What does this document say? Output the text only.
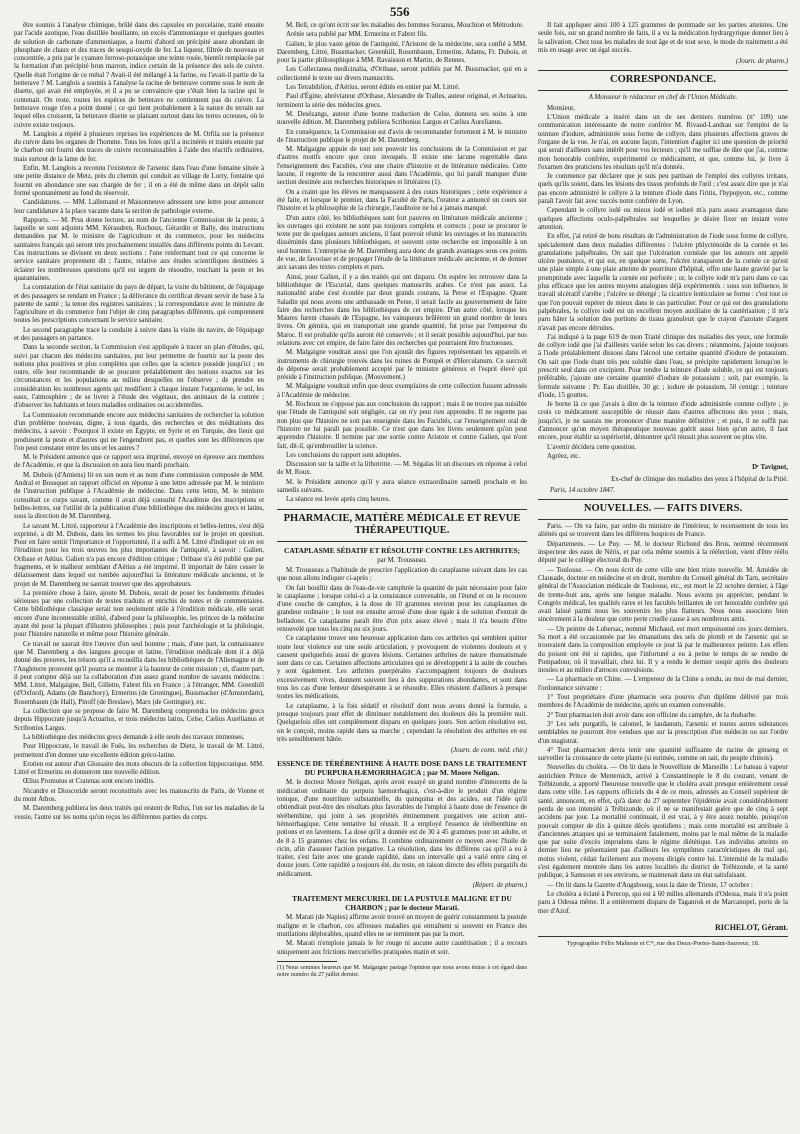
556

être soumis à l'analyse chimique, brûlé dans des capsules en porcelaine, traité ensuite par l'acide azotique, l'eau distillée bouillante, un excès d'ammoniaque et quelques gouttes de solution de carbonate d'ammoniaque, a fourni d'abord un précipité assez abondant de phosphate de chaux et des traces de sesqui-oxyde de fer. La liqueur, filtrée de nouveau et concentrée, a pris par le cyanure ferroso-potassique une teinte rosée, bientôt remplacée par la formation d'un précipité brun marron, indice certain de la présence des sels de cuivre. Quelle était l'origine de ce métal ? Avait-il été mélangé à la farine, ou l'avait-il partie de la betterave ? M. Langlois a soumis à l'analyse la racine de betterave comme sous le nom de disette, qui avait été employée, et il a pu se convaincre que c'était bien la racine qui le contenait. On reste, toutes les espèces de betterave ne contiennent pas du cuivre. La betterave rouge n'en a point donné ; ce qui tient probablement à la nature du terrain sur lequel elles croissent, la betterave disette se plaisant surtout dans les terres ocreuses, où le cuivre existe toujours.

M. Langlois a répété à plusieurs reprises les expériences de M. Orfila sur la présence du cuivre dans les organes de l'homme. Tous les foies qu'il a incinérés et traités ensuite par le charbon ont fourni des traces de cuivre reconnaissables à l'aide des réactifs ordinaires, mais surtout de la lame de fer.

Enfin, M. Langlois a reconnu l'existence de l'arsenic dans l'eau d'une fontaine située à une petite distance de Metz, près du chemin qui conduit au village de Lorry, fontaine qui fournit en abondance une eau chargée de fer ; il en a été de même dans un dépôt salin formé spontanément au fond du réservoir.

Candidatures. — MM. Lallemand et Maisonneuve adressent une lettre pour annoncer leur candidature à la place vacante dans la section de pathologie externe.

Rapports. — M. Prus donne lecture, au nom de l'ancienne Commission de la peste, à laquelle se sont adjoints MM. Kéraudren, Rochoux, Gérardin et Bally, des instructions demandées par M. le ministre de l'agriculture et du commerce, pour les médecins sanitaires français qui seront très prochainement installés dans différents points du Levant. Ces instructions se divisent en deux sections : l'une renfermant tout ce qui concerne le service sanitaire proprement dit ; l'autre, relative aux études scientifiques destinées à éclairer les nombreuses questions qu'il est urgent de résoudre, touchant la peste et les quarantaines.

La constatation de l'état sanitaire du pays de départ, la visite du bâtiment, de l'équipage et des passagers se rendant en France ; la délivrance du certificat devant servir de base à la patente de santé ; la tenue des registres sanitaires ; la correspondance avec le ministre de l'agriculture et du commerce font l'objet de cinq paragraphes différents, qui comprennent toutes les prescriptions concernant le service sanitaire.

Le second paragraphe trace la conduite à suivre dans la visite du navire, de l'équipage et des passagers en partance.

Dans la seconde section, la Commission s'est appliquée à tracer un plan d'études, qui, suivi par chacun des médecins sanitaires, put leur permettre de fournir sur la peste des notions plus positives et plus complètes que celles que la science possède jusqu'ici ; en outre, elle leur recommande de se procurer préalablement des notions exactes sur les circonstances et les populations au milieu desquelles on l'observe ; de prendre en considération les nombreux agents qui modifient à chaque instant l'organisme, le sol, les eaux, l'atmosphère ; de se livrer à l'étude des végétaux, des animaux de la contrée ; d'observer les habitants et leurs maladies ordinaires ou accidentelles.

La Commission recommande encore aux médecins sanitaires de rechercher la solution d'un problème nouveau, digne, à tous égards, des recherches et des méditations des médecins, à savoir : Pourquoi il existe en Égypte, en Syrie et en Turquie, des lieux qui produisent la peste et d'autres qui ne l'engendrent pas, et quelles sont les différences que l'on peut constater entre les uns et les autres ?

M. le Président annonce que ce rapport sera imprimé, envoyé en épreuve aux membres de l'Académie, et que la discussion en aura lieu mardi prochain.

M. Dubois (d'Amiens) lit en son nom et au nom d'une commission composée de MM. Andral et Bousquet un rapport officiel en réponse à une lettre adressée par M. le ministre de l'instruction publique à l'Académie de médecine. Dans cette lettre, M. le ministre consultait ce corps savant, comme il avait déjà consulté l'Académie des inscriptions et belles-lettres, sur l'utilité de la publication d'une bibliothèque des médecins grecs et latins, sous la direction de M. Daremberg.

Le savant M. Littré, rapporteur à l'Académie des inscriptions et belles-lettres, s'est déjà exprimé, a dit M. Dubois, dans les termes les plus favorables sur le projet en question. Pour en faire sentir l'importance et l'opportunité, il a suffi à M. Littré d'indiquer où en est l'érudition pour les trois œuvres les plus importantes de l'antiquité, à savoir : Galien, Oribase et Aétius. Galien n'a pas encore d'édition critique ; Oribase n'a été publié que par fragments, et le malheur semblant d'Aétius a été imprimé. Il importait de faire cesser le délaissement dans lequel est tombée aujourd'hui la littérature médicale ancienne, et le projet de M. Daremberg ne saurait trouver que des approbateurs.

La première chose à faire, ajoute M. Dubois, serait de poser les fondements d'études sérieuses par une collection de textes traduits et enrichis de notes et de commentaires. Cette bibliothèque classique serait non seulement utile à l'érudition médicale, elle serait encore d'une incontestable utilité, d'abord pour la philosophie, les princes de la médecine ayant été pour la plupart d'illustres philosophes ; puis pour l'archéologie et la philologie, pour l'histoire naturelle et même pour l'histoire générale.

Ce travail ne saurait être l'œuvre d'un seul homme ; mais, d'une part, la connaissance que M. Daremberg a des langues grecque et latine, l'érudition médicale dont il a déjà donné des preuves, les trésors qu'il a recueillis dans les bibliothèques de l'Allemagne et de l'Angleterre prouvent qu'il pourra se montrer à la hauteur de cette mission ; et, d'autre part, il peut compter déjà sur la collaboration d'un assez grand nombre de savants médecins : MM. Littré, Malgaigne, Bell, Gillette, Fabret fils en France ; à l'étranger, MM. Greenhill (d'Oxford), Adams (de Banchory), Ermerins (de Groningue), Bussmacker (d'Amsterdam), Rosembaum (de Hall), Pinoff (de Breslaw), Marx (de Gottingue), etc.

La collection que se propose de faire M. Daremberg comprendra les médecins grecs depuis Hippocrate jusqu'à Actuarius, et trois médecins latins, Celse, Cælius Aurélianus et Scribonius Largus.

La bibliothèque des médecins grecs demande à elle seule des travaux immenses.

Pour Hippocrate, le travail de Foës, les recherches de Dietz, le travail de M. Littré, permettent d'en donner une excellente édition gréco-latine.

Erotien est auteur d'un Glossaire des mots obscurs de la collection hippocratique. MM. Littré et Ermerins en donneront une nouvelle édition.

Œlius Promotus et Cratenas sont encore inédits.

Nicandre et Dioscoride seront reconstitués avec les manuscrits de Paris, de Vienne et du mont Athos.

M. Daremberg publiera les deux traités qui restent de Rufus, l'un sur les maladies de la vessie, l'autre sur les noms qu'on reçus les différentes parties du corps.

M. Bell, ce qu'ont écrit sur les maladies des femmes Soranus, Moschion et Métrodore.

Arétée sera publié par MM. Ermerins et Fabret fils.

Galien, le plus vaste génie de l'antiquité, l'Aristote de la médecine, sera confié à MM. Daremberg, Littré, Bussmacker, Greenhill, Rosembaum, Ermerins, Adams, Fr. Dubois, et pour la partie philosophique à MM. Ravaisson et Martin, de Rennes.

Les Collectanea medicinalia, d'Oribase, seront publiés par M. Bussmacker, qui en a collectionné le texte sur divers manuscrits.

Les Tetrabiblion, d'Aétius, seront édités en entier par M. Littré.

Paul d'Égine, abréviateur d'Oribase, Alexandre de Tralles, auteur original, et Actuarius, terminent la série des médecins grecs.

M. Desézangs, auteur d'une bonne traduction de Celse, donnera ses soins à une nouvelle édition. M. Daremberg publiera Scribonius Largus et Cælius Aurelianus.

En conséquence, la Commission est d'avis de recommander fortement à M. le ministre de l'instruction publique le projet de M. Daremberg.

M. Malgaigne appuie de tout son pouvoir les conclusions de la Commission et par d'autres motifs encore que ceux invoqués. Il existe une lacune regrettable dans l'enseignement des Facultés, c'est une chaire d'histoire et de littérature médicales. Cette lacune, il regrette de la rencontrer aussi dans l'Académie, qui lui paraît manquer d'une section destinée aux recherches historiques et littéraires (1).

On a craint que les élèves ne manquassent à des cours historiques ; cette expérience a été faite, et lorsque le premier, dans la Faculté de Paris, l'orateur a annoncé un cours sur l'histoire et la philosophie de la chirurgie, l'auditoire ne lui a jamais manqué.

D'un autre côté, les bibliothèques sont fort pauvres en littérature médicale ancienne ; les ouvrages qui existent ne sont pas toujours complets et corrects ; pour se procurer le texte pur de quelques auteurs anciens, il faut pouvoir réunir les ouvrages et les manuscrits disséminés dans plusieurs bibliothèques, et souvent cette recherche est impossible à un seul homme. L'entreprise de M. Daremberg aura donc de grands avantages sous ces points de vue, de favoriser et de propager l'étude de la littérature médicale ancienne, et de donner aux savans des textes complets et purs.

Ainsi, pour Galien, il y a des traités qui ont disparu. On espère les retrouver dans la bibliothèque de l'Escurial, dans quelques manuscrits arabes. Ce n'est pas assez. La nationalité arabe s'est écoulée par deux grands courans, la Perse et l'Espagne. Quant Saladin qui nous avons une ambassade en Perse, il serait facile au gouvernement de faire faire des recherches dans les bibliothèques de cet empire. D'un autre côté, lorsque les Maures furent chassés de l'Espagne, les vainqueurs brûlèrent un grand nombre de leurs livres. On gémira, qui en transportait une grande quantité, fut prise par l'empereur du Maroc. Il est probable qu'ils auront été conservés ; et il serait possible aujourd'hui, par nos relations avec cet empire, de faire faire des recherches qui pourraient être fructueuses.

M. Malgaigne voudrait aussi que l'on ajoutât des figures représentant les appareils et instruments de chirurgie trouvés dans les ruines de Pompéi et d'Herculanum. Ce surcroît de dépense serait probablement accepté par le ministre généreux et l'esprit élevé qui préside à l'instruction publique. (Mouvement.)

M. Malgaigne voudrait enfin que deux exemplaires de cette collection fussent adressés à l'Académie de médecine.

M. Rochoux ne s'oppose pas aux conclusions du rapport ; mais il ne trouve pas nuisible que l'étude de l'antiquité soit négligée, car on n'y peut rien apprendre. Il ne regrette pas non plus que l'histoire ne soit pas enseignée dans les Facultés, car l'enseignement oral de l'histoire ne lui paraît pas possible. Ce n'est que dans les livres seulement qu'on peut apprendre l'histoire. Il termine par une sortie contre Aristote et contre Galien, qui n'ont fait, dit-il, qu'embrouiller la science.

Les conclusions du rapport sont adoptées.

Discussion sur la taille et la lithotritie. — M. Ségalas lit un discours en réponse à celui de M. Roux.

M. le Président annonce qu'il y aura séance extraordinaire samedi prochain et les samedis suivans.

La séance est levée après cinq heures.

PHARMACIE, MATIÈRE MÉDICALE ET REVUE THÉRAPEUTIQUE.
CATAPLASME SÉDATIF ET RÉSOLUTIF CONTRE LES ARTHRITES;
par M. Trousseau.

M. Trousseau a l'habitude de prescrire l'application du cataplasme suivant dans les cas que nous allons indiquer ci-après :

On fait bouillir dans de l'eau-de-vie camphrée la quantité de pain nécessaire pour faire le cataplasme ; lorsque celui-ci a la consistance convenable, on l'étend et on le recouvre d'une couche de camphre, à la dose de 10 grammes environ pour les cataplasmes de grandeur ordinaire ; le tout est ensuite arrosé d'une dose égale à de solution d'extrait de belladone. Ce cataplasme paraît être d'un prix assez élevé ; mais il n'a besoin d'être renouvelé que tous les cinq ou six jours.

Ce cataplasme trouve une heureuse application dans ces arthrites qui semblent quitter toute leur violence sur une seule articulation, y provoquent de violentes douleurs et y causent quelquefois aussi de graves lésions. Certaines arthrites de nature rhumatismale sont dans ce cas. Certaines affections articulaires qui se développent à la suite de couches y sont également. Les arthrites puerpérales s'accompagnent toujours de douleurs excessivement vives, donnent souvent lieu à des suppurations abondantes, et sont dans tous les cas d'une lenteur désespérante à se résoudre. Elles résistent d'ailleurs à presque toutes les médications.

Le cataplasme, à la fois sédatif et résolutif dont nous avons donné la formule, a presque toujours pour effet de diminuer notablement des douleurs dès la première nuit. Quelquefois elles ont complètement disparu en quelques jours. Son action résolutive est, on le conçoit, moins rapide dans sa marche ; cependant la résolution des arthrites en est très sensiblement hâtée.

(Journ. de conn. méd. chir.)
ESSENCE DE TÉRÉBENTHINE À HAUTE DOSE DANS LE TRAITEMENT DU PURPURA HÆMORRHAGICA ; par M. Moore Neligan.

M. le docteur Moore Neligan, après avoir essayé un grand nombre d'innocents de la médication ordinaire du purpura hæmorrhagica, c'est-à-dire le produit d'un régime tonique, d'une nourriture substantielle, du quinquina et des acides, eut l'idée qu'il obtiendrait peut-être des résultats plus favorables de l'emploi à haute dose de l'essence de térébenthine, qui joint à ses propriétés éminemment purgatives une action anti-hémorrhagique. Cette tentative lui réussit. Il a employé l'essence de térébenthine en potions et en lavemens. La dose qu'il a donnée est de 30 à 45 grammes pour un adulte, et de 8 à 15 grammes chez les enfans. Il combine ordinairement ce moyen avec l'huile de ricin, afin d'assurer l'action purgative. La résolution, dans les différens cas qu'il a eu à traiter, s'est faite avec une grande rapidité, dans un intervalle qui a varié entre cinq et douze jours. Cette rapidité a toujours été, du reste, en raison directe des effets purgatifs du médicament.

(Répert. de pharm.)
TRAITEMENT MERCURIEL DE LA PUSTULE MALIGNE ET DU CHARBON ; par le docteur Marati.

M. Marati (de Naples) affirme avoir trouvé un moyen de guérir constamment la pustule maligne et le charbon, ces affreuses maladies qui entraînent si souvent en France des mutilations déplorables, quand elles ne se terminent pas par la mort.

M. Marati n'emploie jamais le fer rouge ni aucune autre cautérisation ; il a recours uniquement aux frictions mercurielles pratiquées matin et soir.

(1) Nous sommes heureux que M. Malgaigne partage l'opinion que nous avons émise à cet égard dans notre numéro du 27 juillet dernier.

Il fait appliquer ainsi 100 à 125 grammes de pommade sur les parties atteintes. Une seule fois, sur un grand nombre de faits, il a vu la médication hydrargyrique donner lieu à la salivation. Chez tous les malades de tout âge et de tout sexe, le mode de traitement a été mis en usage avec un égal succès.

(Journ. de pharm.)
CORRESPONDANCE.
A Monsieur le rédacteur en chef de l'Union Médicale.

Monsieur,

L'Union médicale a inséré dans un de ses derniers numéros (nº 109) une communication intéressante de notre confrère M. Rivaud-Landrau sur l'emploi de la teinture d'iodure, administrée sous forme de collyre, dans plusieurs affections graves de l'organe de la vue. Je n'ai, en aucune façon, l'intention d'agiter ici une question de priorité qui serait d'ailleurs sans intérêt pour vos lecteurs ; qu'il me suffise de dire que j'ai, comme mon honorable confrère, expérimenté ce médicament, et que, comme lui, je livre à l'examen des praticiens les résultats qu'il m'a donnés.

Je commence par déclarer que je suis peu partisan de l'emploi des collyres irritans, quels qu'ils soient, dans les lésions des tissus profonds de l'œil ; c'est assez dire que je n'ai pas encore administré le collyre à la teinture d'iode dans l'iritis, l'hypopyon, etc., comme paraît l'avoir fait avec succès notre confrère de Lyon.

Cependant le collyre iodé ou mieux iodé et ioduré m'a paru assez avantageux dans quelques affections oculo-palpébrales sur lesquelles je désire fixer un instant votre attention.

En effet, j'ai retiré de bons résultats de l'administration de l'iode sous forme de collyre, spécialement dans deux maladies différentes : l'ulcère phlycténoïde de la cornée et les granulations palpébrales. On sait que l'ulcération cornéale que les auteurs ont appelé ulcère pustuleux, et qui est, en quelque sorte, l'ulcère transparent de la cornée ce qu'est une plaie simple à une plaie atteinte de pourriture d'hôpital, offre une haute gravité par la promptitude avec laquelle la cornée est perforée ; or, le collyre iodé m'a paru dans ce cas plus efficace que les autres moyens analogues déjà expérimentés : sous son influence, le travail ulcératif s'arrête ; l'ulcère se détergé ; la cicatrice lenticulaire se forme : c'est tout ce que l'on pouvait espérer de mieux dans le cas particulier. Pour ce qui est des granulations palpébrales, le collyre iodé est un excellent moyen auxiliaire de la cautérisation ; il m'a paru hâter la solution des portions de tissus granuleux que le crayon d'azotate d'argent n'avait pas encore détruites.

J'ai indiqué à la page 619 de mon Traité clinique des maladies des yeux, une formule de collyre iodé que j'ai d'ailleurs variée selon les cas divers ; néanmoins, j'ajoute toujours à l'iode préalablement dissous dans l'alcool une certaine quantité d'iodure de potassium. On sait que l'iode étant très peu soluble dans l'eau, se précipite rapidement lorsqu'on le prescrit seul dans cet excipient. Pour rendre la teinture d'iode soluble, ce qui est toujours préférable, j'ajoute une certaine quantité d'iodure de potassium ; soit, par exemple, la formule suivante : Pr. Eau distillée, 30 gr. ; iodure de potassium, 50 centigr. ; teinture d'iode, 15 gouttes.

Je borne là ce que j'avais à dire de la teinture d'iode administrée comme collyre ; je crois ce médicament susceptible de réussir dans d'autres affections des yeux ; mais, jusqu'ici, je ne saurais me prononcer d'une manière définitive ; et puis, il ne suffit pas d'annoncer qu'un moyen thérapeutique nouveau guérit aussi bien qu'un autre, il faut encore, pour établir sa supériorité, démontrer qu'il réussit plus souvent ou plus vite.

L'avenir décidera cette question.

Agréez, etc.

Dʳ Tavignot,
Ex-chef de clinique des maladies des yeux à l'hôpital de la Pitié.
Paris, 14 octobre 1847.
NOUVELLES. — FAITS DIVERS.

Paris. — On va faire, par ordre du ministre de l'intérieur, le recensement de tous les aliénés qui se trouvent dans les différens hospices de France.

Départemens. — Le Puy. — M. le docteur Richond des Brus, nommé récemment inspecteur des eaux de Néris, et par cela même soumis à la réélection, vient d'être réélu député par le collège électoral du Puy.

— Toulouse. — On nous écrit de cette ville une bien triste nouvelle. M. Amédée de Clausade, docteur en médecine et en droit, membre du Conseil général du Tarn, secrétaire général de l'Association médicale de Toulouse, etc., est mort le 22 octobre dernier, à l'âge de trente-huit ans, après une longue maladie. Nous avions pu apprécier, pendant le Congrès médical, les qualités rares et les facultés brillantes de cet honorable confrère qui avait laissé parmi nous les souvenirs les plus flatteurs. Nous nous associons bien sincèrement à la douleur que cette perte cruelle cause à ses nombreux amis.

— Un peintre de Lubersac, nommé Michaud, est mort empoisonné ces jours derniers. Sa mort a été occasionnée par les émanations des sels de plomb et de l'arsenic qui se trouvaient dans la composition employée ce jour là par le malheureux peintre. Les effets du poison ont été si rapides, que l'infortuné a eu à peine le temps de se rendre de Pompadour, où il travaillait, chez lui. Il y a rendu le dernier soupir après des douleurs inouïes et au milieu d'atroces convulsions.

— La pharmacie en Chine. — L'empereur de la Chine a rendu, au moi de mai dernier, l'ordonnance suivante :

1° Tout propriétaire d'une pharmacie sera pourvu d'un diplôme délivré par trois membres de l'Académie de médecine, après un examen convenable.

2° Tout pharmacien doit avoir dans son officine du camphre, de la rhubarbe.

3° Les sels purgatifs, le calomel, le laudanum, l'arsenic et toutes autres substances semblables ne pourront être vendues que sur la prescription d'un médecin ou sur l'ordre d'un magistrat.

4° Tout pharmacien devra tenir une quantité suffisante de racine de ginseng et surveiller la croissance de cette plante (si estimée, comme on sait, du peuple chinois).

Nouvelles du choléra. — On lit dans le Nouvelliste de Marseille : Le bateau à vapeur autrichien Prince de Metternich, arrivé à Constantinople le 8 du courant, venant de Trébizonde, a apporté l'heureuse nouvelle que le choléra avait presque entièrement cessé dans cette ville. Les rapports officiels du 4 de ce mois, adressés au Conseil supérieur de santé, annoncent, en effet, qu'à dater du 27 septembre l'épidémie avait considérablement perdu de son intensité à Trébizonde, où il ne se manifestait guère que de cinq à sept accidens par jour. La mortalité continuait, il est vrai, à y être assez notable, puisqu'on pouvait compter de dix à quinze décès quotidiens ; mais cette mortalité est attribuée à d'anciennes attaques qui se terminaient fatalement, moins par le mal même de la maladie que par suite d'excès imprudens dans le régime diététique. Les individus atteints en dernier lieu ne présentaient pas d'ailleurs les symptômes caractéristiques du mal qui, moins violent, cédait facilement aux moyens dirigés contre lui. L'intensité de la maladie s'est également montrée dans les autres localités du district de Trébizonde, et la santé publique, à Samsoun et ses environs, se maintenait dans un état satisfaisant.

— On lit dans la Gazette d'Augsbourg, sous la date de Trieste, 17 octobre :

Le choléra a éclaté à Perecop, qui est à 60 milles allemands d'Odessa, mais il n'a point paru à Odessa même. Il a entièrement disparu de Taganrok et de Marcanopel, ports de la mer d'Azof.

RICHELOT, Gérant.
Typographie Félix Malteste et Cⁱᵉ, rue des Deux-Portes-Saint-Sauveur, 18.
